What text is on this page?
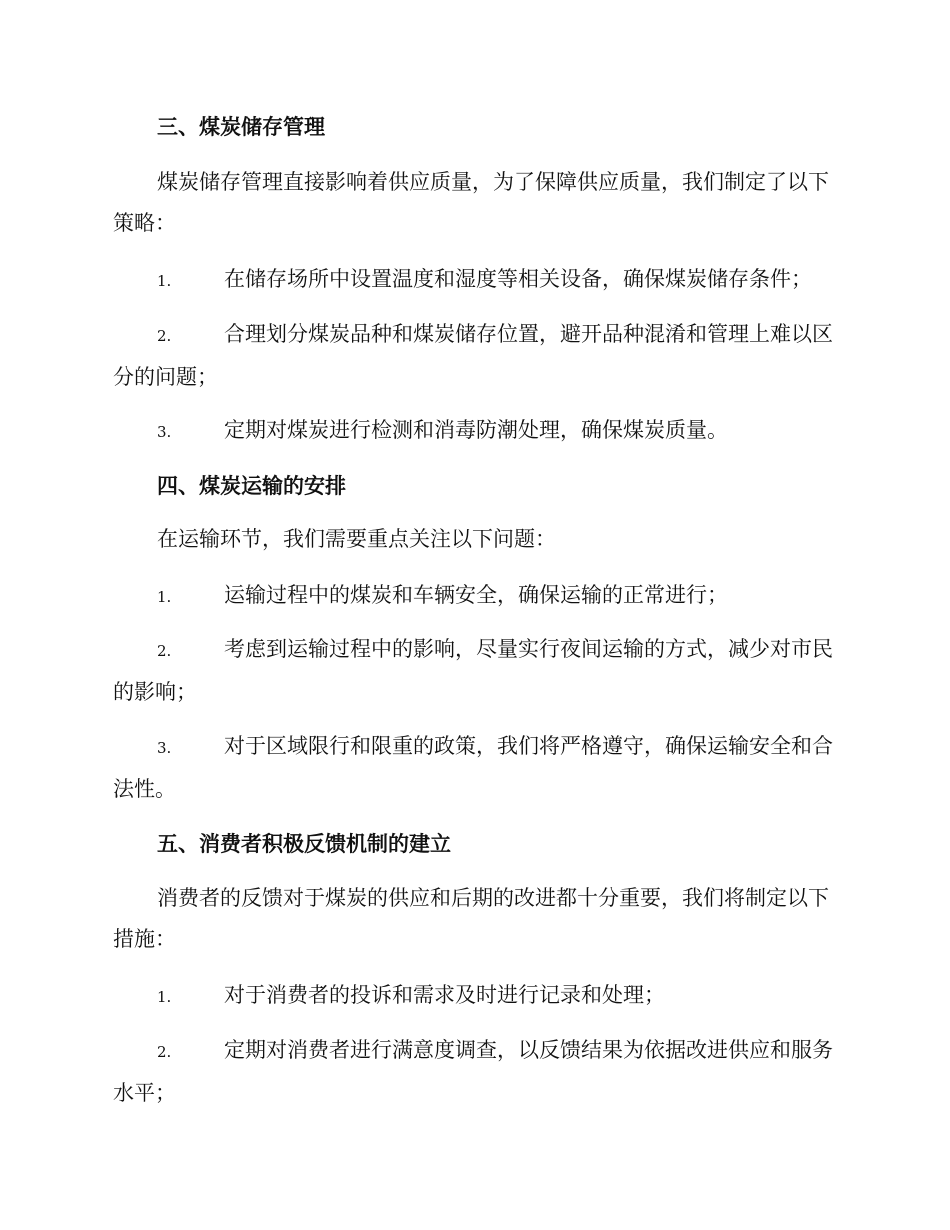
三、煤炭储存管理
煤炭储存管理直接影响着供应质量，为了保障供应质量，我们制定了以下策略：
1.	在储存场所中设置温度和湿度等相关设备，确保煤炭储存条件；
2.	合理划分煤炭品种和煤炭储存位置，避开品种混淆和管理上难以区分的问题；
3.	定期对煤炭进行检测和消毒防潮处理，确保煤炭质量。
四、煤炭运输的安排
在运输环节，我们需要重点关注以下问题：
1.	运输过程中的煤炭和车辆安全，确保运输的正常进行；
2.	考虑到运输过程中的影响，尽量实行夜间运输的方式，减少对市民的影响；
3.	对于区域限行和限重的政策，我们将严格遵守，确保运输安全和合法性。
五、消费者积极反馈机制的建立
消费者的反馈对于煤炭的供应和后期的改进都十分重要，我们将制定以下措施：
1.	对于消费者的投诉和需求及时进行记录和处理；
2.	定期对消费者进行满意度调查，以反馈结果为依据改进供应和服务水平；
